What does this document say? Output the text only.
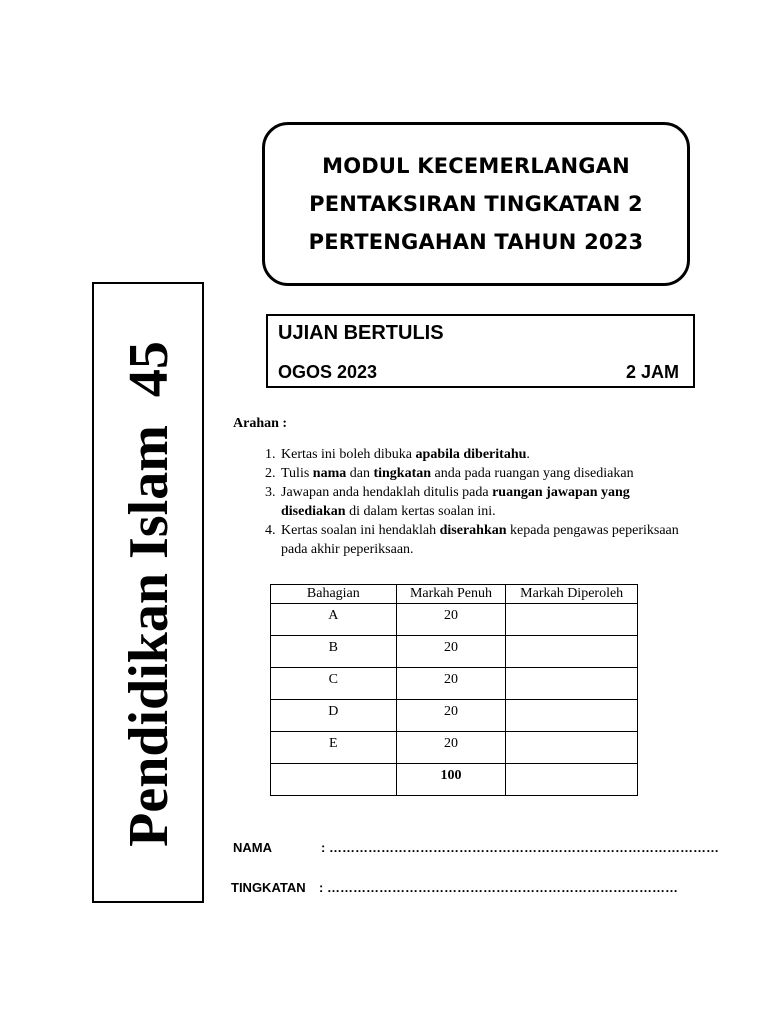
MODUL KECEMERLANGAN
PENTAKSIRAN TINGKATAN 2
PERTENGAHAN TAHUN 2023
UJIAN BERTULIS
OGOS 2023	2 JAM
Pendidikan Islam  45	Arahan :
1. Kertas ini boleh dibuka apabila diberitahu.
2. Tulis nama dan tingkatan anda pada ruangan yang disediakan
3. Jawapan anda hendaklah ditulis pada ruangan jawapan yang disediakan di dalam kertas soalan ini.
4. Kertas soalan ini hendaklah diserahkan kepada pengawas peperiksaan pada akhir peperiksaan.
Bahagian	Markah Penuh	Markah Diperoleh
A	20	
B	20	
C	20	
D	20	
E	20	
	100	
NAMA	: ………………………………………………………………………………
TINGKATAN : ………………………………………………………………………
